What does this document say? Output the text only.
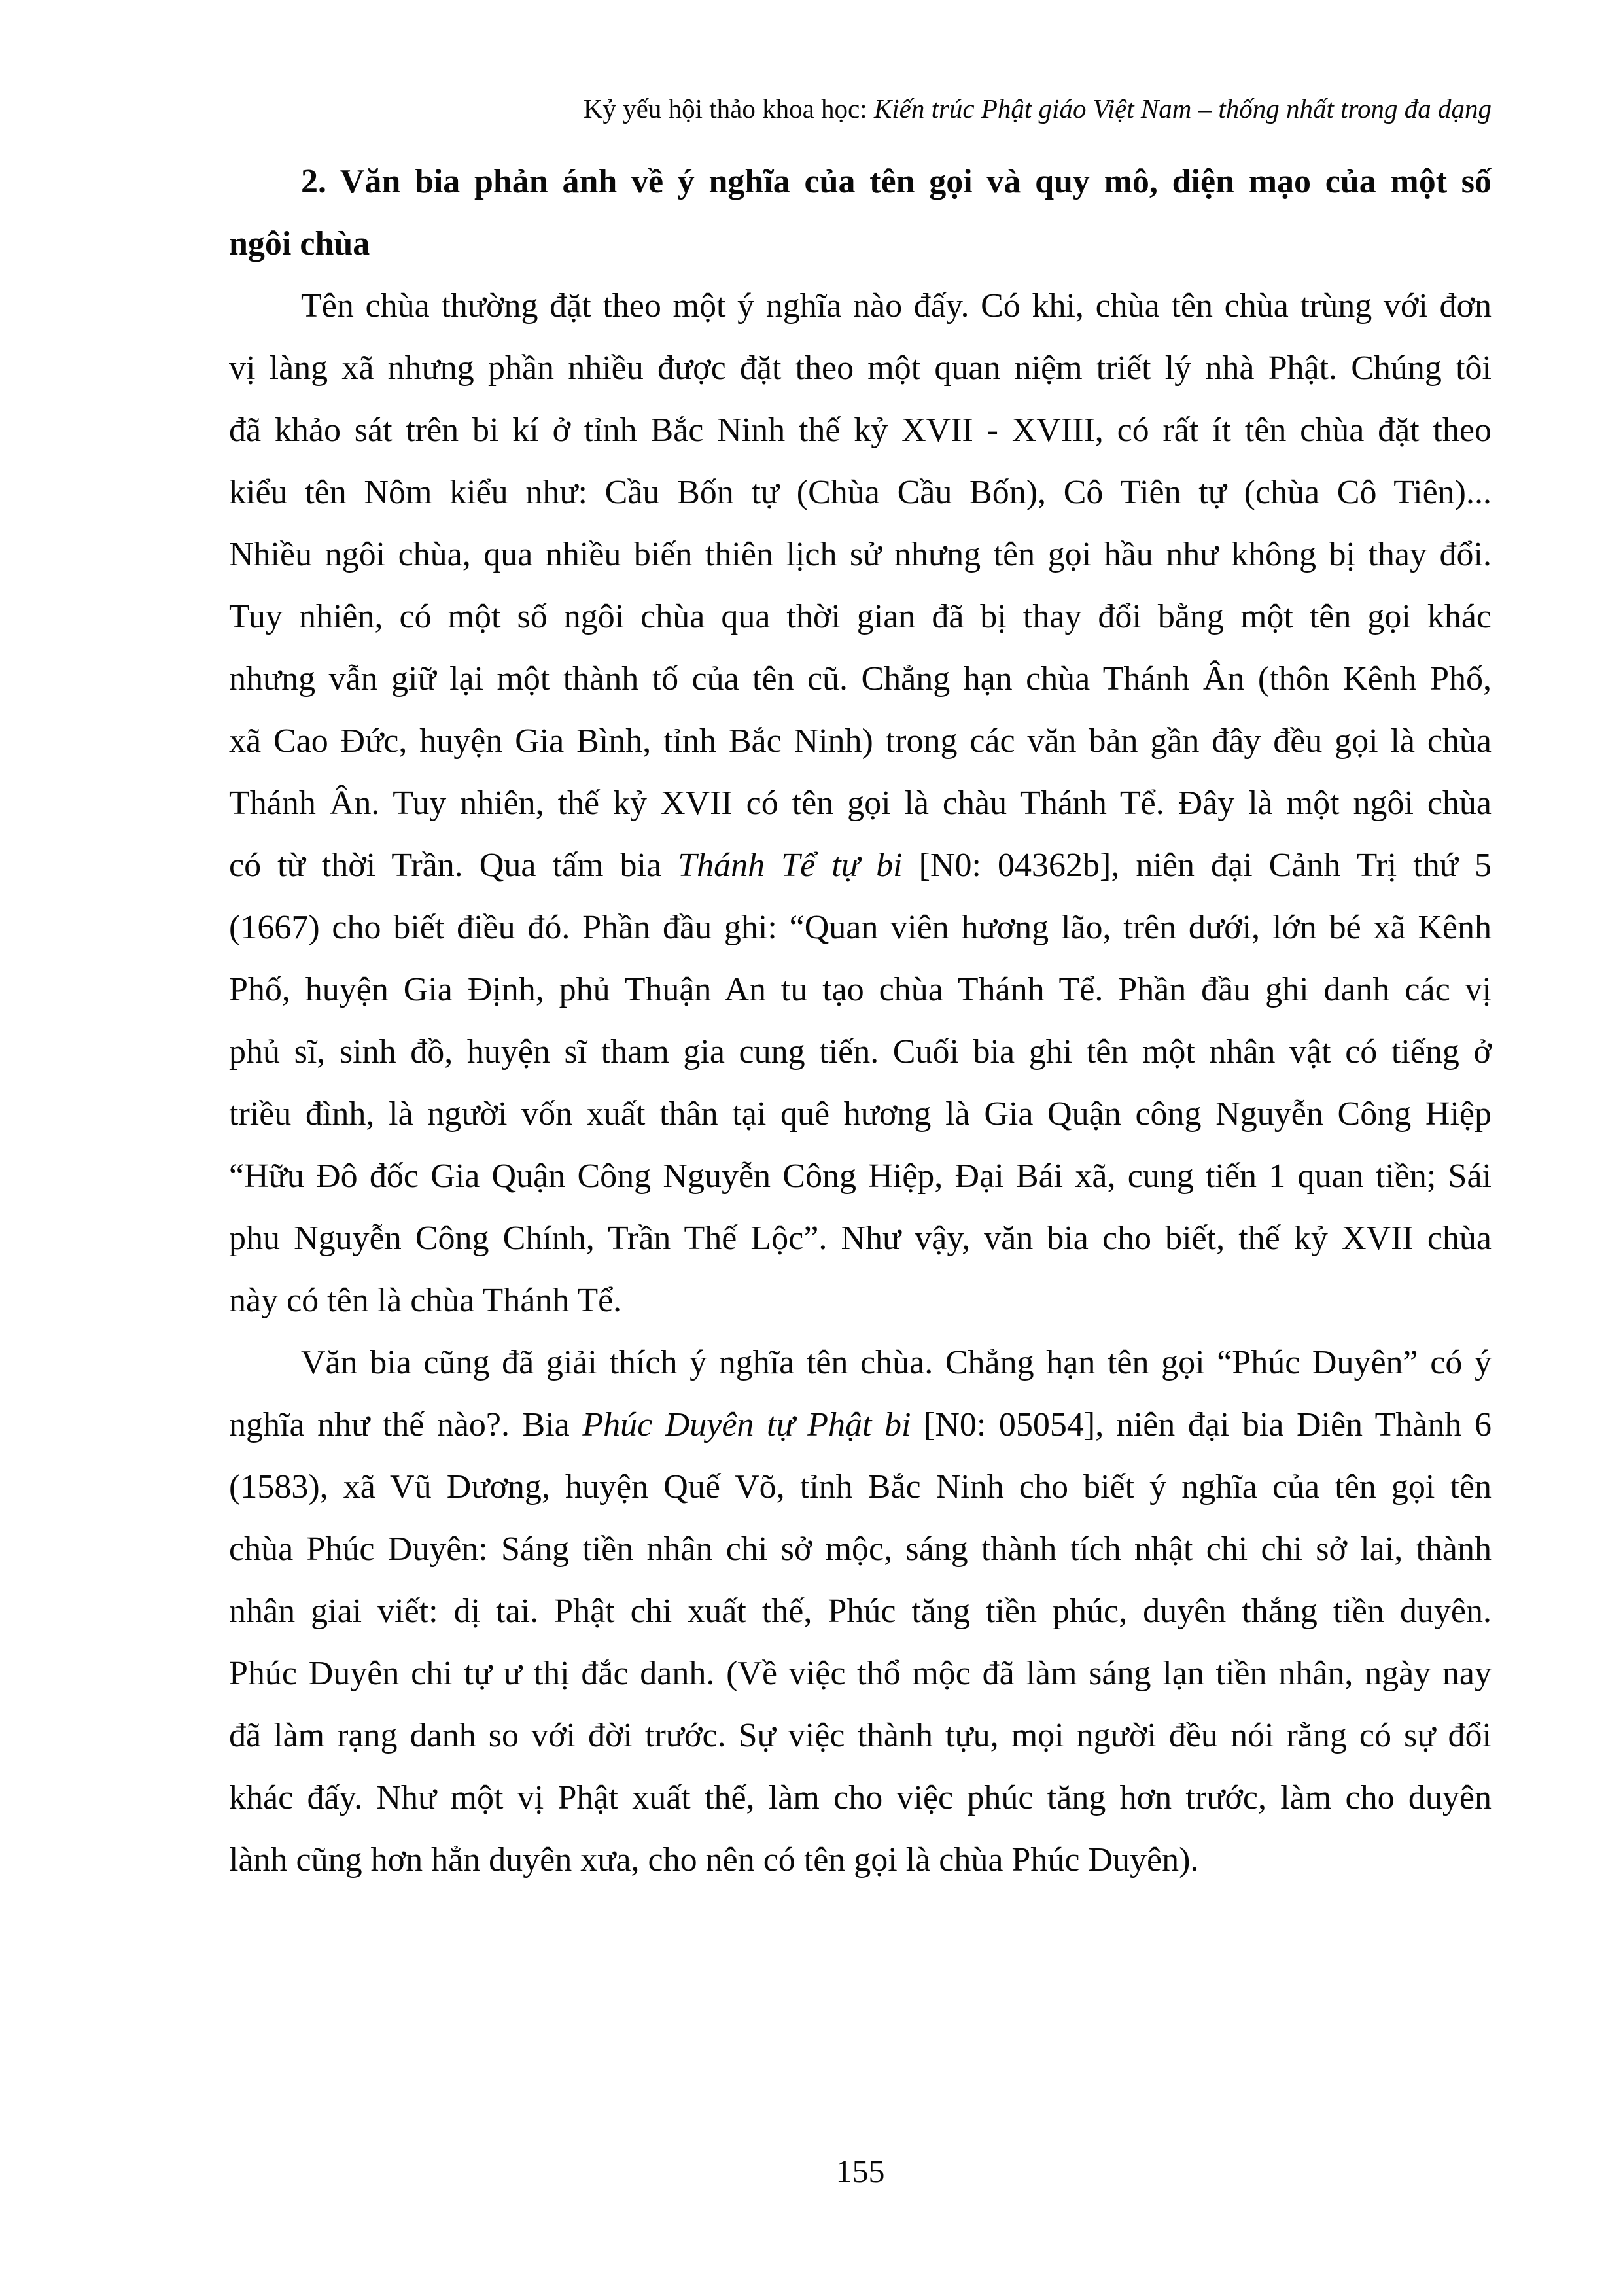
Kỷ yếu hội thảo khoa học: Kiến trúc Phật giáo Việt Nam – thống nhất trong đa dạng
2. Văn bia phản ánh về ý nghĩa của tên gọi và quy mô, diện mạo của một số
ngôi chùa
Tên chùa thường đặt theo một ý nghĩa nào đấy. Có khi, chùa tên chùa trùng với đơn
vị làng xã nhưng phần nhiều được đặt theo một quan niệm triết lý nhà Phật. Chúng tôi
đã khảo sát trên bi kí ở tỉnh Bắc Ninh thế kỷ XVII - XVIII, có rất ít tên chùa đặt theo
kiểu tên Nôm kiểu như: Cầu Bốn tự (Chùa Cầu Bốn), Cô Tiên tự (chùa Cô Tiên)...
Nhiều ngôi chùa, qua nhiều biến thiên lịch sử nhưng tên gọi hầu như không bị thay đổi.
Tuy nhiên, có một số ngôi chùa qua thời gian đã bị thay đổi bằng một tên gọi khác
nhưng vẫn giữ lại một thành tố của tên cũ. Chẳng hạn chùa Thánh Ân (thôn Kênh Phố,
xã Cao Đức, huyện Gia Bình, tỉnh Bắc Ninh) trong các văn bản gần đây đều gọi là chùa
Thánh Ân. Tuy nhiên, thế kỷ XVII có tên gọi là chàu Thánh Tể. Đây là một ngôi chùa
có từ thời Trần. Qua tấm bia Thánh Tể tự bi [N0: 04362b], niên đại Cảnh Trị thứ 5
(1667) cho biết điều đó. Phần đầu ghi: “Quan viên hương lão, trên dưới, lớn bé xã Kênh
Phố, huyện Gia Định, phủ Thuận An tu tạo chùa Thánh Tể. Phần đầu ghi danh các vị
phủ sĩ, sinh đồ, huyện sĩ tham gia cung tiến. Cuối bia ghi tên một nhân vật có tiếng ở
triều đình, là người vốn xuất thân tại quê hương là Gia Quận công Nguyễn Công Hiệp
“Hữu Đô đốc Gia Quận Công Nguyễn Công Hiệp, Đại Bái xã, cung tiến 1 quan tiền; Sái
phu Nguyễn Công Chính, Trần Thế Lộc”. Như vậy, văn bia cho biết, thế kỷ XVII chùa
này có tên là chùa Thánh Tể.
Văn bia cũng đã giải thích ý nghĩa tên chùa. Chẳng hạn tên gọi “Phúc Duyên” có ý
nghĩa như thế nào?. Bia Phúc Duyên tự Phật bi [N0: 05054], niên đại bia Diên Thành 6
(1583), xã Vũ Dương, huyện Quế Võ, tỉnh Bắc Ninh cho biết ý nghĩa của tên gọi tên
chùa Phúc Duyên: Sáng tiền nhân chi sở mộc, sáng thành tích nhật chi chi sở lai, thành
nhân giai viết: dị tai. Phật chi xuất thế, Phúc tăng tiền phúc, duyên thắng tiền duyên.
Phúc Duyên chi tự ư thị đắc danh. (Về việc thổ mộc đã làm sáng lạn tiền nhân, ngày nay
đã làm rạng danh so với đời trước. Sự việc thành tựu, mọi người đều nói rằng có sự đổi
khác đấy. Như một vị Phật xuất thế, làm cho việc phúc tăng hơn trước, làm cho duyên
lành cũng hơn hẳn duyên xưa, cho nên có tên gọi là chùa Phúc Duyên).
155
